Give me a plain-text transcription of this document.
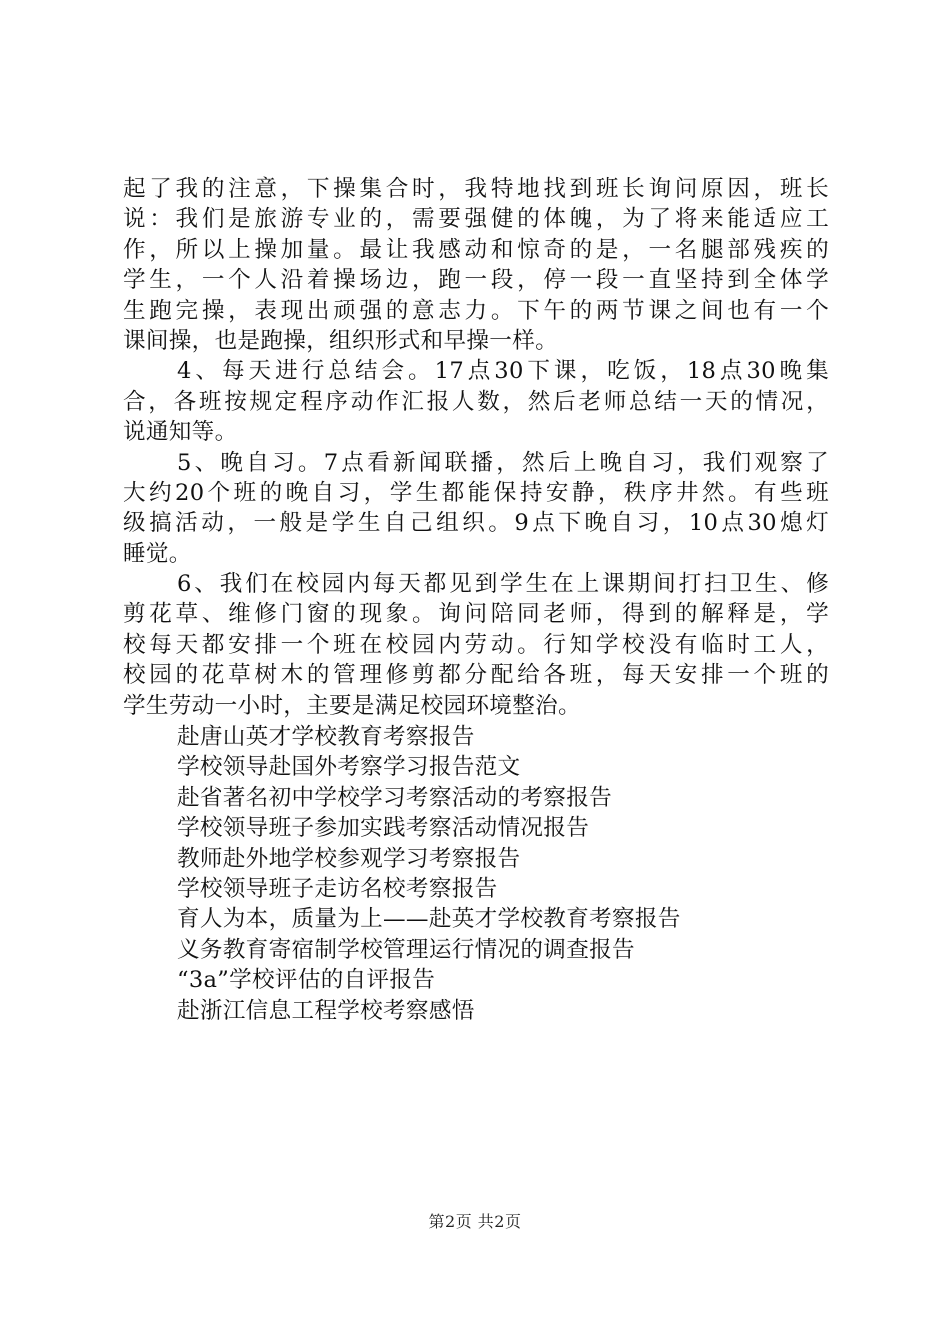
起了我的注意，下操集合时，我特地找到班长询问原因，班长
说：我们是旅游专业的，需要强健的体魄，为了将来能适应工
作，所以上操加量。最让我感动和惊奇的是，一名腿部残疾的
学生，一个人沿着操场边，跑一段，停一段一直坚持到全体学
生跑完操，表现出顽强的意志力。下午的两节课之间也有一个
课间操，也是跑操，组织形式和早操一样。
4、每天进行总结会。17点30下课，吃饭，18点30晚集
合，各班按规定程序动作汇报人数，然后老师总结一天的情况，
说通知等。
5、晚自习。7点看新闻联播，然后上晚自习，我们观察了
大约20个班的晚自习，学生都能保持安静，秩序井然。有些班
级搞活动，一般是学生自己组织。9点下晚自习，10点30熄灯
睡觉。
6、我们在校园内每天都见到学生在上课期间打扫卫生、修
剪花草、维修门窗的现象。询问陪同老师，得到的解释是，学
校每天都安排一个班在校园内劳动。行知学校没有临时工人，
校园的花草树木的管理修剪都分配给各班，每天安排一个班的
学生劳动一小时，主要是满足校园环境整治。
赴唐山英才学校教育考察报告
学校领导赴国外考察学习报告范文
赴省著名初中学校学习考察活动的考察报告
学校领导班子参加实践考察活动情况报告
教师赴外地学校参观学习考察报告
学校领导班子走访名校考察报告
育人为本，质量为上——赴英才学校教育考察报告
义务教育寄宿制学校管理运行情况的调查报告
“3a”学校评估的自评报告
赴浙江信息工程学校考察感悟
第2页 共2页
